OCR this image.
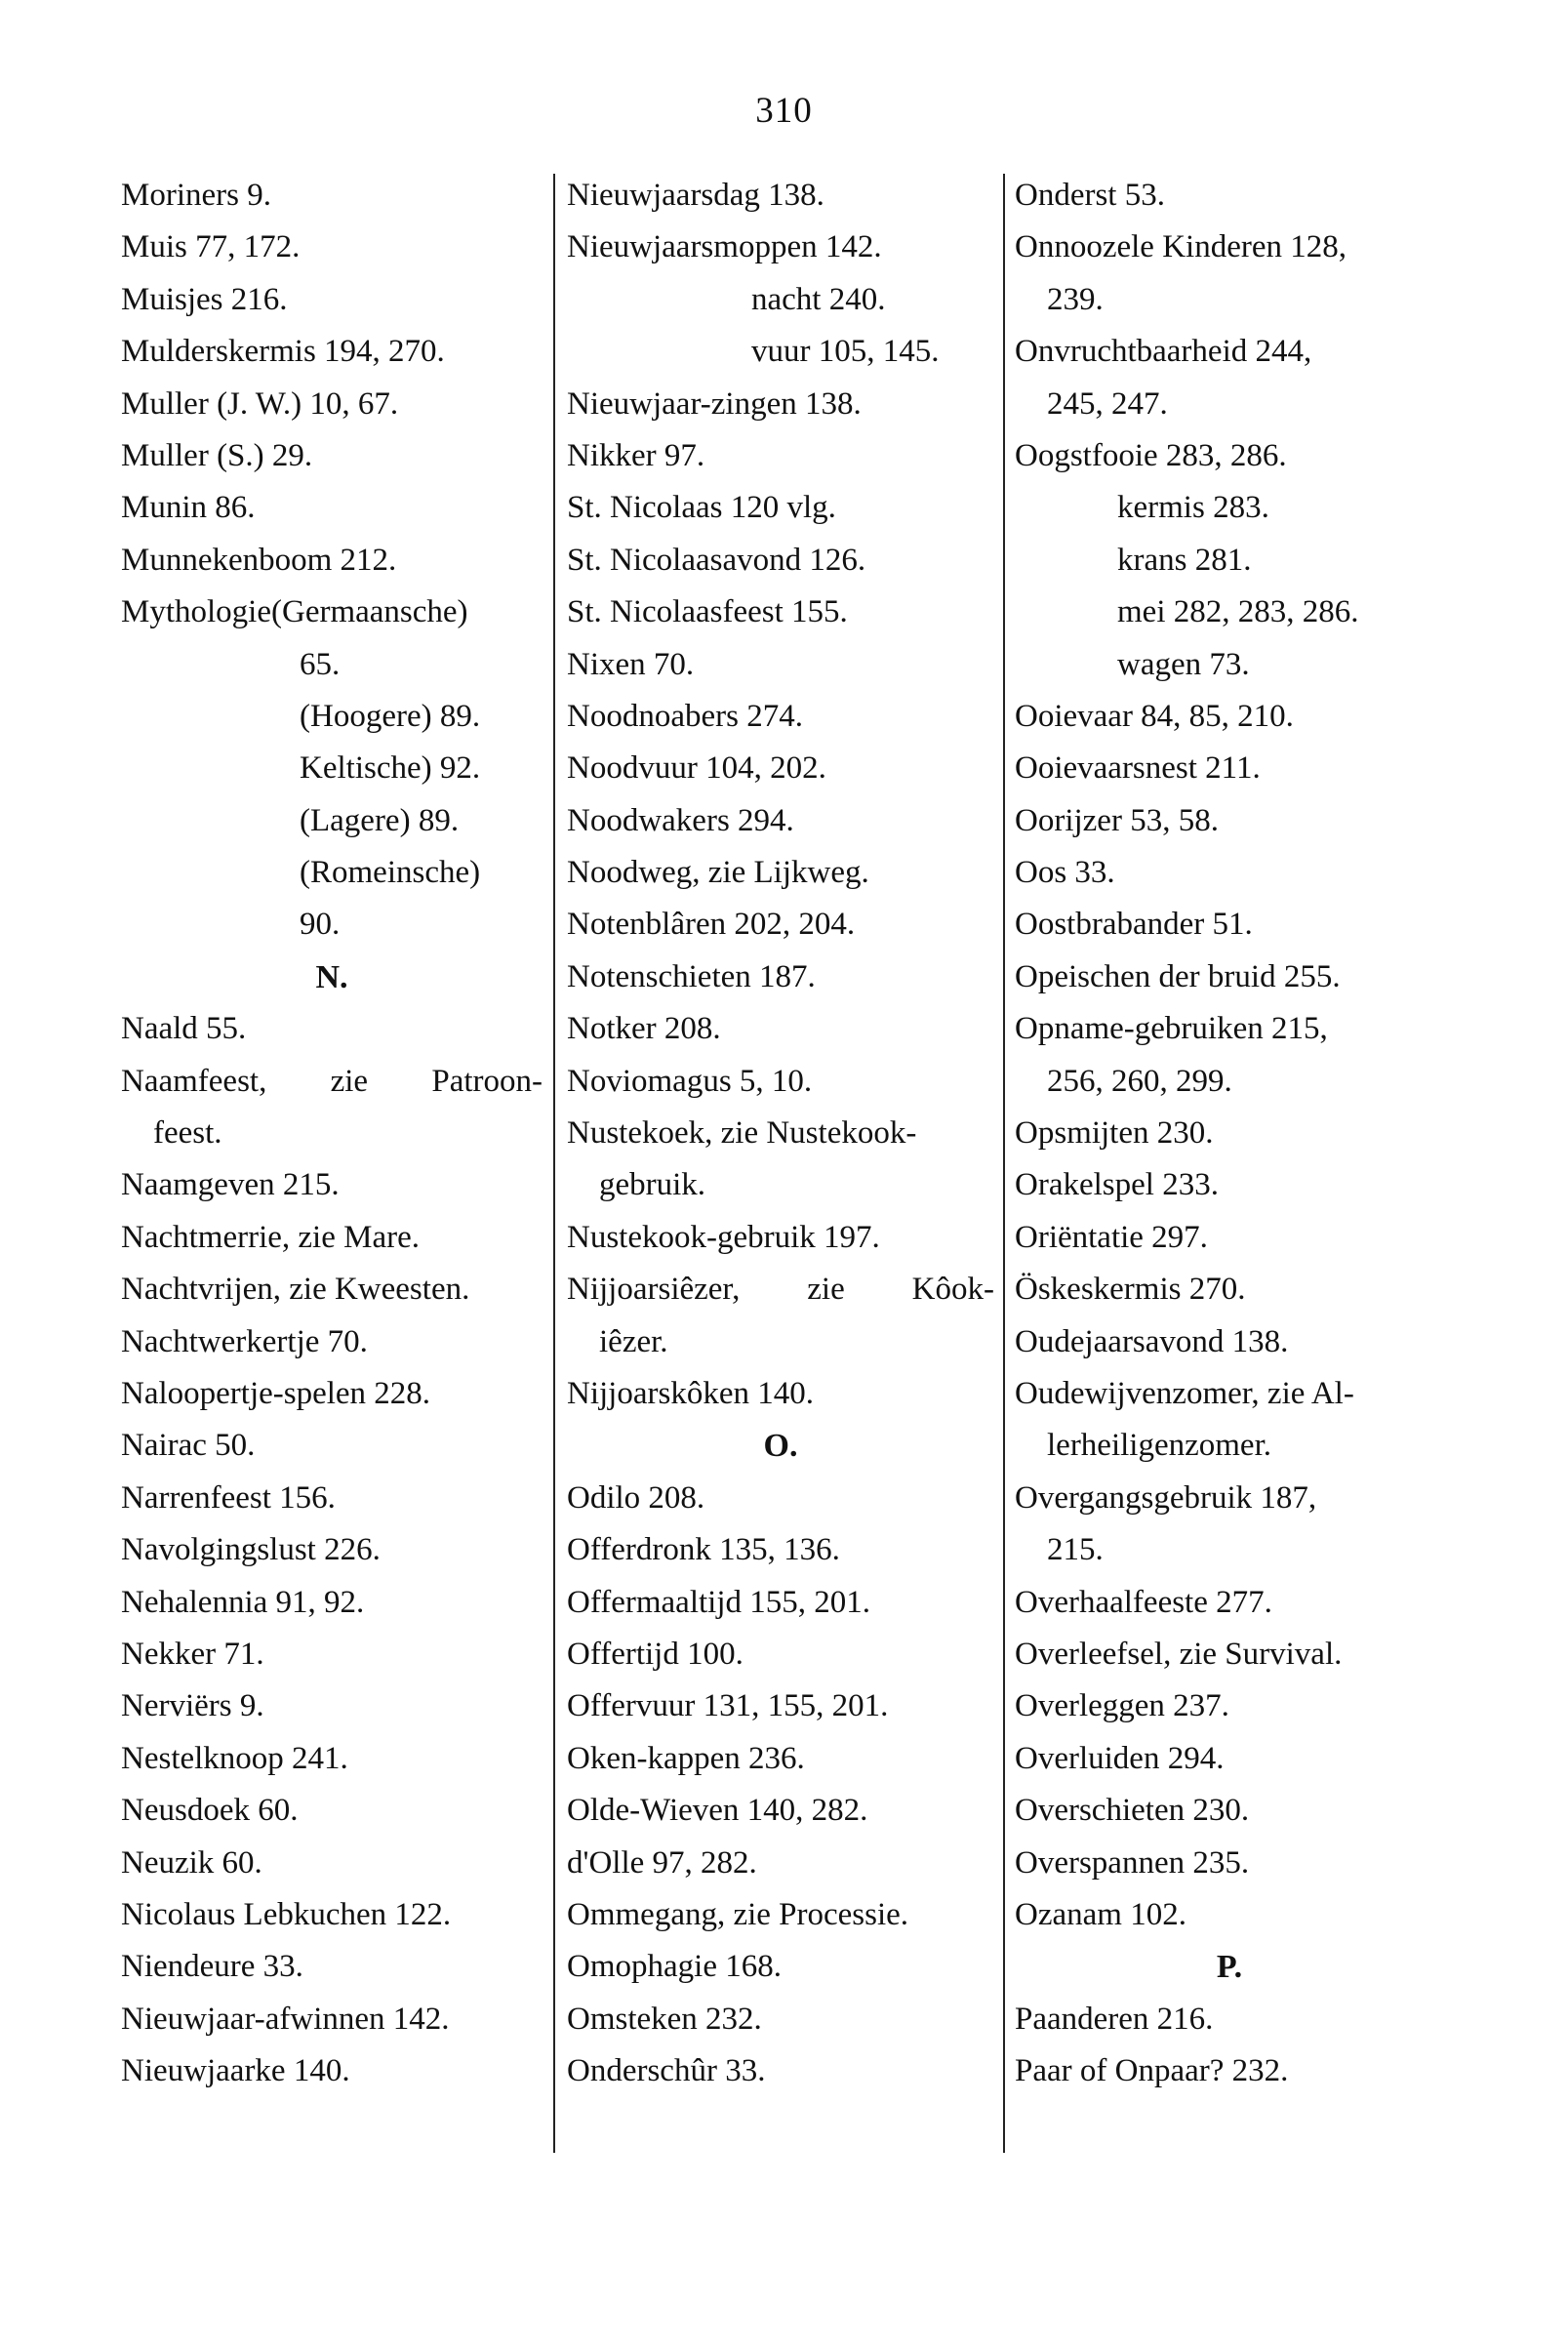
310
Moriners 9.
Muis 77, 172.
Muisjes 216.
Mulderskermis 194, 270.
Muller (J. W.) 10, 67.
Muller (S.) 29.
Munin 86.
Munnekenboom 212.
Mythologie(Germaansche)
65.
(Hoogere) 89.
Keltische) 92.
(Lagere) 89.
(Romeinsche)
90.
N.
Naald 55.
Naamfeest, zie Patroon-
feest.
Naamgeven 215.
Nachtmerrie, zie Mare.
Nachtvrijen, zie Kweesten.
Nachtwerkertje 70.
Naloopertje-spelen 228.
Nairac 50.
Narrenfeest 156.
Navolgingslust 226.
Nehalennia 91, 92.
Nekker 71.
Nerviërs 9.
Nestelknoop 241.
Neusdoek 60.
Neuzik 60.
Nicolaus Lebkuchen 122.
Niendeure 33.
Nieuwjaar-afwinnen 142.
Nieuwjaarke 140.
Nieuwjaarsdag 138.
Nieuwjaarsmoppen 142.
nacht 240.
vuur 105, 145.
Nieuwjaar-zingen 138.
Nikker 97.
St. Nicolaas 120 vlg.
St. Nicolaasavond 126.
St. Nicolaasfeest 155.
Nixen 70.
Noodnoabers 274.
Noodvuur 104, 202.
Noodwakers 294.
Noodweg, zie Lijkweg.
Notenblâren 202, 204.
Notenschieten 187.
Notker 208.
Noviomagus 5, 10.
Nustekoek, zie Nustekook-
gebruik.
Nustekook-gebruik 197.
Nijjoarsiêzer, zie Kôok-
iêzer.
Nijjoarskôken 140.
O.
Odilo 208.
Offerdronk 135, 136.
Offermaaltijd 155, 201.
Offertijd 100.
Offervuur 131, 155, 201.
Oken-kappen 236.
Olde-Wieven 140, 282.
d'Olle 97, 282.
Ommegang, zie Processie.
Omophagie 168.
Omsteken 232.
Onderschûr 33.
Onderst 53.
Onnoozele Kinderen 128,
239.
Onvruchtbaarheid 244,
245, 247.
Oogstfooie 283, 286.
kermis 283.
krans 281.
mei 282, 283, 286.
wagen 73.
Ooievaar 84, 85, 210.
Ooievaarsnest 211.
Oorijzer 53, 58.
Oos 33.
Oostbrabander 51.
Opeischen der bruid 255.
Opname-gebruiken 215,
256, 260, 299.
Opsmijten 230.
Orakelspel 233.
Oriëntatie 297.
Öskeskermis 270.
Oudejaarsavond 138.
Oudewijvenzomer, zie Al-
lerheiligenzomer.
Overgangsgebruik 187,
215.
Overhaalfeeste 277.
Overleefsel, zie Survival.
Overleggen 237.
Overluiden 294.
Overschieten 230.
Overspannen 235.
Ozanam 102.
P.
Paanderen 216.
Paar of Onpaar? 232.
